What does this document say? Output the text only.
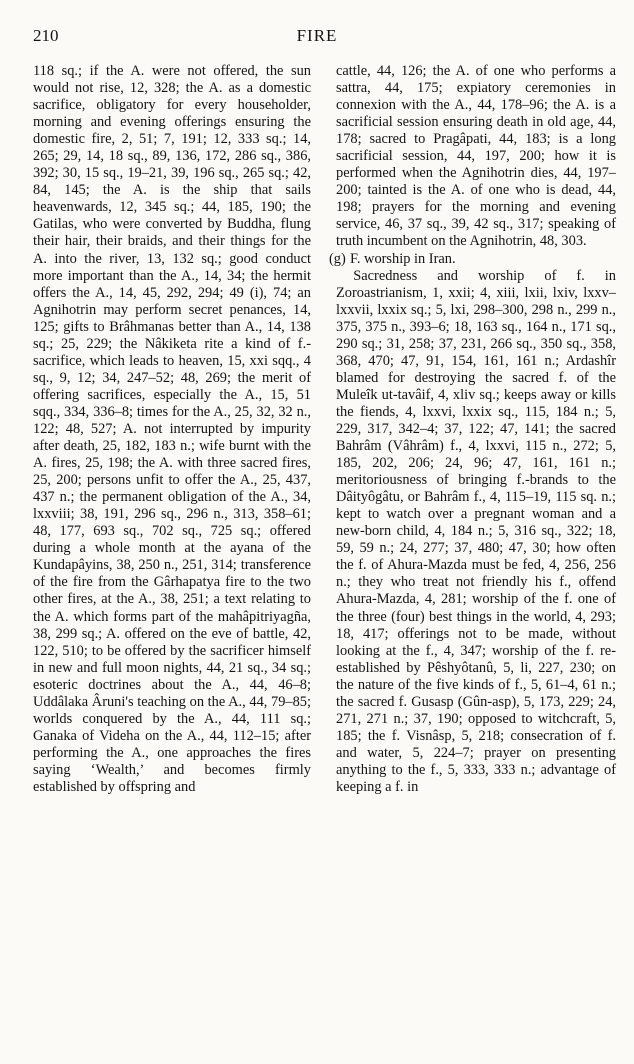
210	FIRE

118 sq.; if the A. were not offered, the sun would not rise, 12, 328; the A. as a domestic sacrifice, obligatory for every householder, morning and evening offerings ensuring the domestic fire, 2, 51; 7, 191; 12, 333 sq.; 14, 265; 29, 14, 18 sq., 89, 136, 172, 286 sq., 386, 392; 30, 15 sq., 19–21, 39, 196 sq., 265 sq.; 42, 84, 145; the A. is the ship that sails heavenwards, 12, 345 sq.; 44, 185, 190; the Gatilas, who were converted by Buddha, flung their hair, their braids, and their things for the A. into the river, 13, 132 sq.; good conduct more important than the A., 14, 34; the hermit offers the A., 14, 45, 292, 294; 49 (i), 74; an Agnihotrin may perform secret penances, 14, 125; gifts to Brâhmanas better than A., 14, 138 sq.; 25, 229; the Nâkiketa rite a kind of f.-sacrifice, which leads to heaven, 15, xxi sqq., 4 sq., 9, 12; 34, 247–52; 48, 269; the merit of offering sacrifices, especially the A., 15, 51 sqq., 334, 336–8; times for the A., 25, 32, 32 n., 122; 48, 527; A. not interrupted by impurity after death, 25, 182, 183 n.; wife burnt with the A. fires, 25, 198; the A. with three sacred fires, 25, 200; persons unfit to offer the A., 25, 437, 437 n.; the permanent obligation of the A., 34, lxxviii; 38, 191, 296 sq., 296 n., 313, 358–61; 48, 177, 693 sq., 702 sq., 725 sq.; offered during a whole month at the ayana of the Kundapâyins, 38, 250 n., 251, 314; transference of the fire from the Gârhapatya fire to the two other fires, at the A., 38, 251; a text relating to the A. which forms part of the mahâpitriyagña, 38, 299 sq.; A. offered on the eve of battle, 42, 122, 510; to be offered by the sacrificer himself in new and full moon nights, 44, 21 sq., 34 sq.; esoteric doctrines about the A., 44, 46–8; Uddâlaka Âruni's teaching on the A., 44, 79–85; worlds conquered by the A., 44, 111 sq.; Ganaka of Videha on the A., 44, 112–15; after performing the A., one approaches the fires saying ‘Wealth,’ and becomes firmly established by offspring and

cattle, 44, 126; the A. of one who performs a sattra, 44, 175; expiatory ceremonies in connexion with the A., 44, 178–96; the A. is a sacrificial session ensuring death in old age, 44, 178; sacred to Pragâpati, 44, 183; is a long sacrificial session, 44, 197, 200; how it is performed when the Agnihotrin dies, 44, 197–200; tainted is the A. of one who is dead, 44, 198; prayers for the morning and evening service, 46, 37 sq., 39, 42 sq., 317; speaking of truth incumbent on the Agnihotrin, 48, 303.

(g) F. worship in Iran.

Sacredness and worship of f. in Zoroastrianism, 1, xxii; 4, xiii, lxii, lxiv, lxxv–lxxvii, lxxix sq.; 5, lxi, 298–300, 298 n., 299 n., 375, 375 n., 393–6; 18, 163 sq., 164 n., 171 sq., 290 sq.; 31, 258; 37, 231, 266 sq., 350 sq., 358, 368, 470; 47, 91, 154, 161, 161 n.; Ardashîr blamed for destroying the sacred f. of the Muleîk ut-tavâif, 4, xliv sq.; keeps away or kills the fiends, 4, lxxvi, lxxix sq., 115, 184 n.; 5, 229, 317, 342–4; 37, 122; 47, 141; the sacred Bahrâm (Vâhrâm) f., 4, lxxvi, 115 n., 272; 5, 185, 202, 206; 24, 96; 47, 161, 161 n.; meritoriousness of bringing f.-brands to the Dâityôgâtu, or Bahrâm f., 4, 115–19, 115 sq. n.; kept to watch over a pregnant woman and a new-born child, 4, 184 n.; 5, 316 sq., 322; 18, 59, 59 n.; 24, 277; 37, 480; 47, 30; how often the f. of Ahura-Mazda must be fed, 4, 256, 256 n.; they who treat not friendly his f., offend Ahura-Mazda, 4, 281; worship of the f. one of the three (four) best things in the world, 4, 293; 18, 417; offerings not to be made, without looking at the f., 4, 347; worship of the f. re-established by Pêshyôtanû, 5, li, 227, 230; on the nature of the five kinds of f., 5, 61–4, 61 n.; the sacred f. Gusasp (Gûn-asp), 5, 173, 229; 24, 271, 271 n.; 37, 190; opposed to witchcraft, 5, 185; the f. Visnâsp, 5, 218; consecration of f. and water, 5, 224–7; prayer on presenting anything to the f., 5, 333, 333 n.; advantage of keeping a f. in
